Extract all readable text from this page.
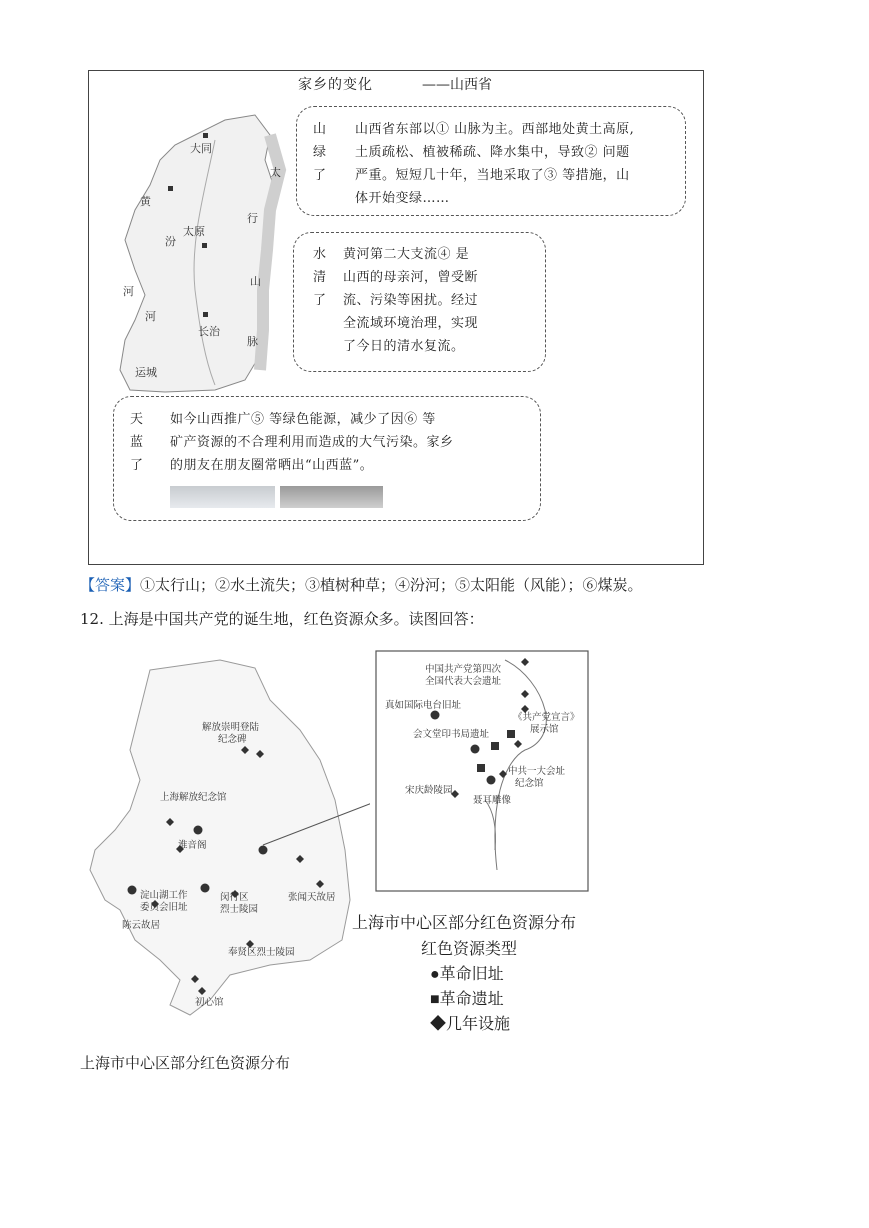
家乡的变化	——山西省
大同
太原
长治
运城
黄
汾
河
河
太
行
山
脉
山
绿
了
山西省东部以① 山脉为主。西部地处黄土高原,
土质疏松、植被稀疏、降水集中，导致② 问题
严重。短短几十年，当地采取了③ 等措施，山
体开始变绿……
水
清
了
黄河第二大支流④ 是
山西的母亲河，曾受断
流、污染等困扰。经过
全流域环境治理，实现
了今日的清水复流。
天
蓝
了
如今山西推广⑤ 等绿色能源，减少了因⑥ 等
矿产资源的不合理利用而造成的大气污染。家乡
的朋友在朋友圈常晒出“山西蓝”。
【答案】①太行山；②水土流失；③植树种草；④汾河；⑤太阳能（风能）；⑥煤炭。
12. 上海是中国共产党的诞生地，红色资源众多。读图回答：
解放崇明登陆
纪念碑
上海解放纪念馆
淮音阁
淀山湖工作
委员会旧址
闵行区
烈士陵园
张闻天故居
陈云故居
奉贤区烈士陵园
初心馆
中国共产党第四次
全国代表大会遗址
真如国际电台旧址
《共产党宣言》
展示馆
会文堂印书局遗址
中共一大会址
纪念馆
宋庆龄陵园
聂耳雕像
上海市中心区部分红色资源分布
红色资源类型
●革命旧址
■革命遗址
◆几年设施
上海市中心区部分红色资源分布
